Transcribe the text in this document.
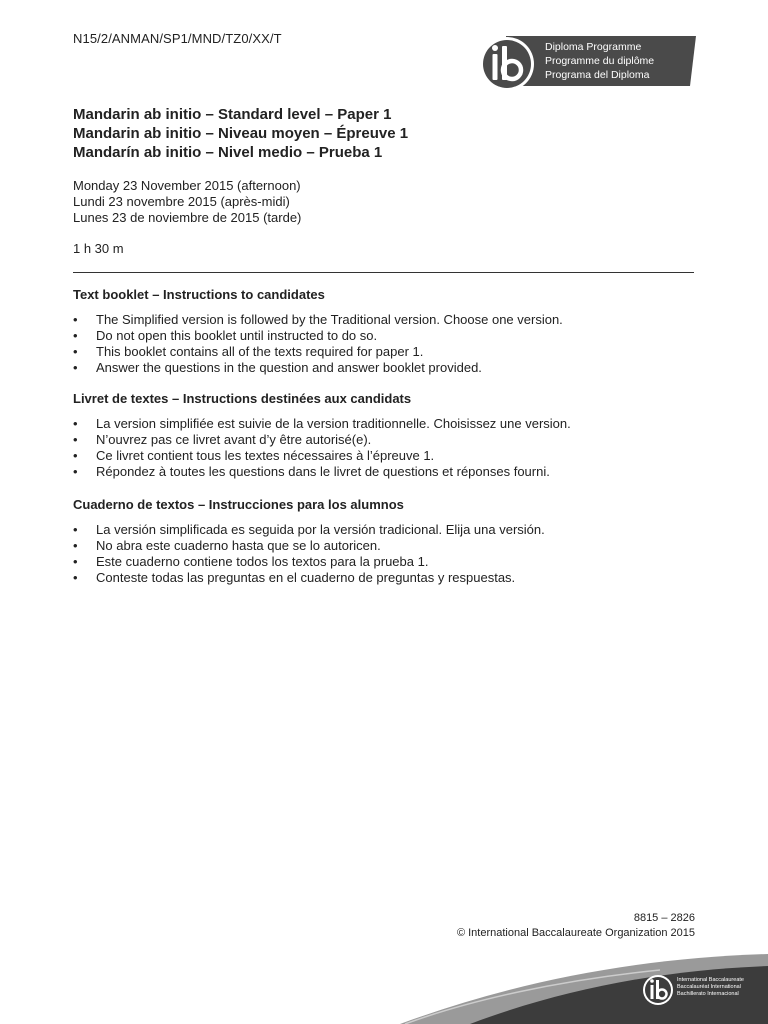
N15/2/ANMAN/SP1/MND/TZ0/XX/T
Diploma Programme
Programme du diplôme
Programa del Diploma
Mandarin ab initio – Standard level – Paper 1
Mandarin ab initio – Niveau moyen – Épreuve 1
Mandarín ab initio – Nivel medio – Prueba 1
Monday 23 November 2015 (afternoon)
Lundi 23 novembre 2015 (après-midi)
Lunes 23 de noviembre de 2015 (tarde)
1 h 30 m
Text booklet – Instructions to candidates
• The Simplified version is followed by the Traditional version. Choose one version.
• Do not open this booklet until instructed to do so.
• This booklet contains all of the texts required for paper 1.
• Answer the questions in the question and answer booklet provided.
Livret de textes – Instructions destinées aux candidats
• La version simplifiée est suivie de la version traditionnelle. Choisissez une version.
• N’ouvrez pas ce livret avant d’y être autorisé(e).
• Ce livret contient tous les textes nécessaires à l’épreuve 1.
• Répondez à toutes les questions dans le livret de questions et réponses fourni.
Cuaderno de textos – Instrucciones para los alumnos
• La versión simplificada es seguida por la versión tradicional. Elija una versión.
• No abra este cuaderno hasta que se lo autoricen.
• Este cuaderno contiene todos los textos para la prueba 1.
• Conteste todas las preguntas en el cuaderno de preguntas y respuestas.
8815 – 2826
© International Baccalaureate Organization 2015
International Baccalaureate
Baccalauréat International
Bachillerato Internacional
